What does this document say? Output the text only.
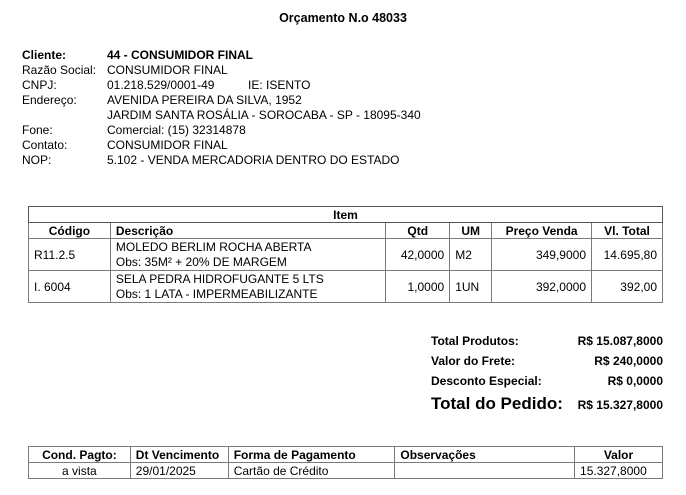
Orçamento N.o 48033
Cliente:	44 - CONSUMIDOR FINAL
Razão Social: CONSUMIDOR FINAL
CNPJ:	01.218.529/0001-49	IE: ISENTO
Endereço:	AVENIDA PEREIRA DA SILVA, 1952
JARDIM SANTA ROSÁLIA - SOROCABA - SP - 18095-340
Fone:	Comercial: (15) 32314878
Contato:	CONSUMIDOR FINAL
NOP:	5.102 - VENDA MERCADORIA DENTRO DO ESTADO
Item					
Código	Descrição	Qtd	UM	Preço Venda	Vl. Total
R11.2.5	MOLEDO BERLIM ROCHA ABERTA
Obs: 35M² + 20% DE MARGEM	42,0000	M2	349,9000	14.695,80
I. 6004	SELA PEDRA HIDROFUGANTE 5 LTS
Obs: 1 LATA - IMPERMEABILIZANTE	1,0000	1UN	392,0000	392,00
Total Produtos:	R$ 15.087,8000
Valor do Frete:	R$ 240,0000
Desconto Especial:	R$ 0,0000
Total do Pedido: R$ 15.327,8000
Cond. Pagto:	Dt Vencimento	Forma de Pagamento	Observações	Valor
a vista	29/01/2025	Cartão de Crédito		15.327,8000
